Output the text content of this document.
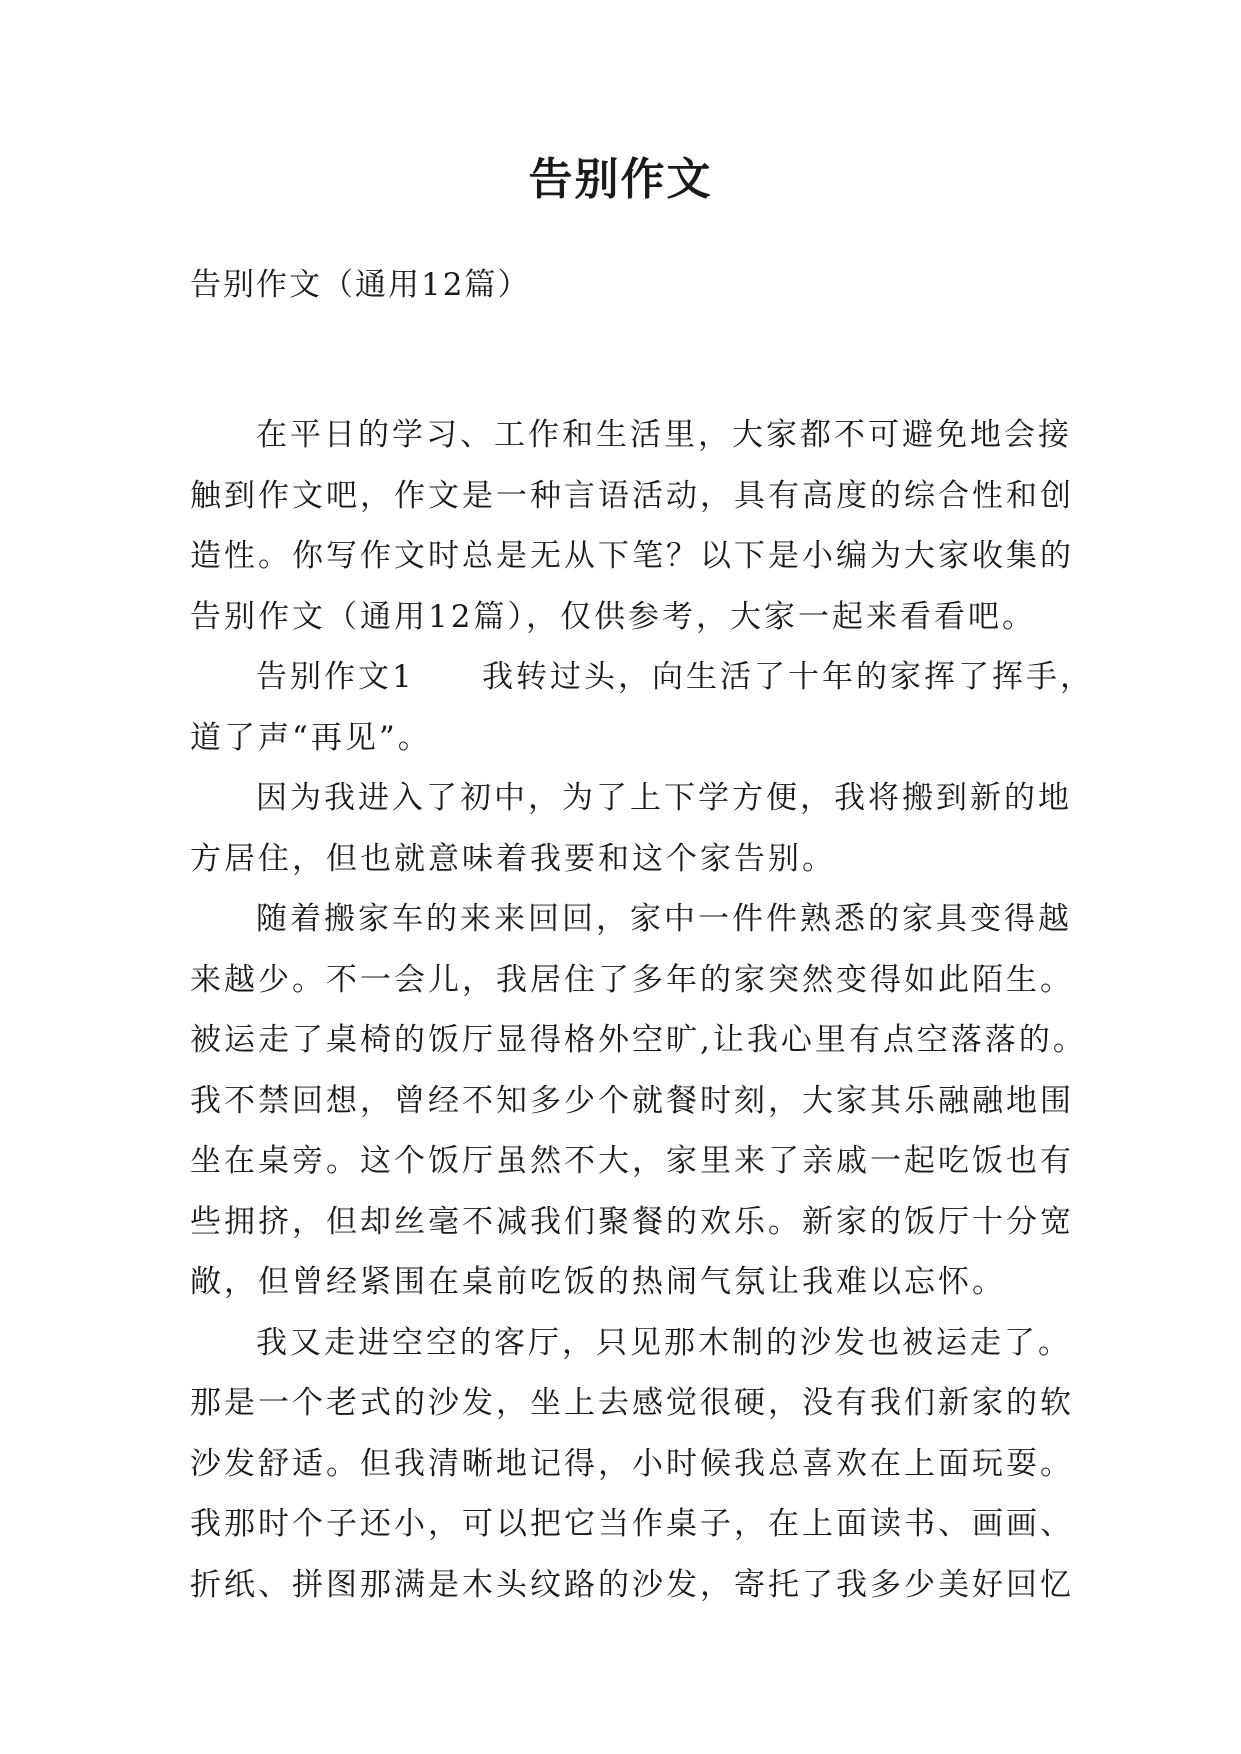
告别作文
告别作文（通用12篇）
在平日的学习、工作和生活里，大家都不可避免地会接
触到作文吧，作文是一种言语活动，具有高度的综合性和创
造性。你写作文时总是无从下笔？以下是小编为大家收集的
告别作文（通用12篇），仅供参考，大家一起来看看吧。
告别作文1 我转过头，向生活了十年的家挥了挥手，
道了声“再见”。
因为我进入了初中，为了上下学方便，我将搬到新的地
方居住，但也就意味着我要和这个家告别。
随着搬家车的来来回回，家中一件件熟悉的家具变得越
来越少。不一会儿，我居住了多年的家突然变得如此陌生。
被运走了桌椅的饭厅显得格外空旷,让我心里有点空落落的。
我不禁回想，曾经不知多少个就餐时刻，大家其乐融融地围
坐在桌旁。这个饭厅虽然不大，家里来了亲戚一起吃饭也有
些拥挤，但却丝毫不减我们聚餐的欢乐。新家的饭厅十分宽
敞，但曾经紧围在桌前吃饭的热闹气氛让我难以忘怀。
我又走进空空的客厅，只见那木制的沙发也被运走了。
那是一个老式的沙发，坐上去感觉很硬，没有我们新家的软
沙发舒适。但我清晰地记得，小时候我总喜欢在上面玩耍。
我那时个子还小，可以把它当作桌子，在上面读书、画画、
折纸、拼图那满是木头纹路的沙发，寄托了我多少美好回忆
